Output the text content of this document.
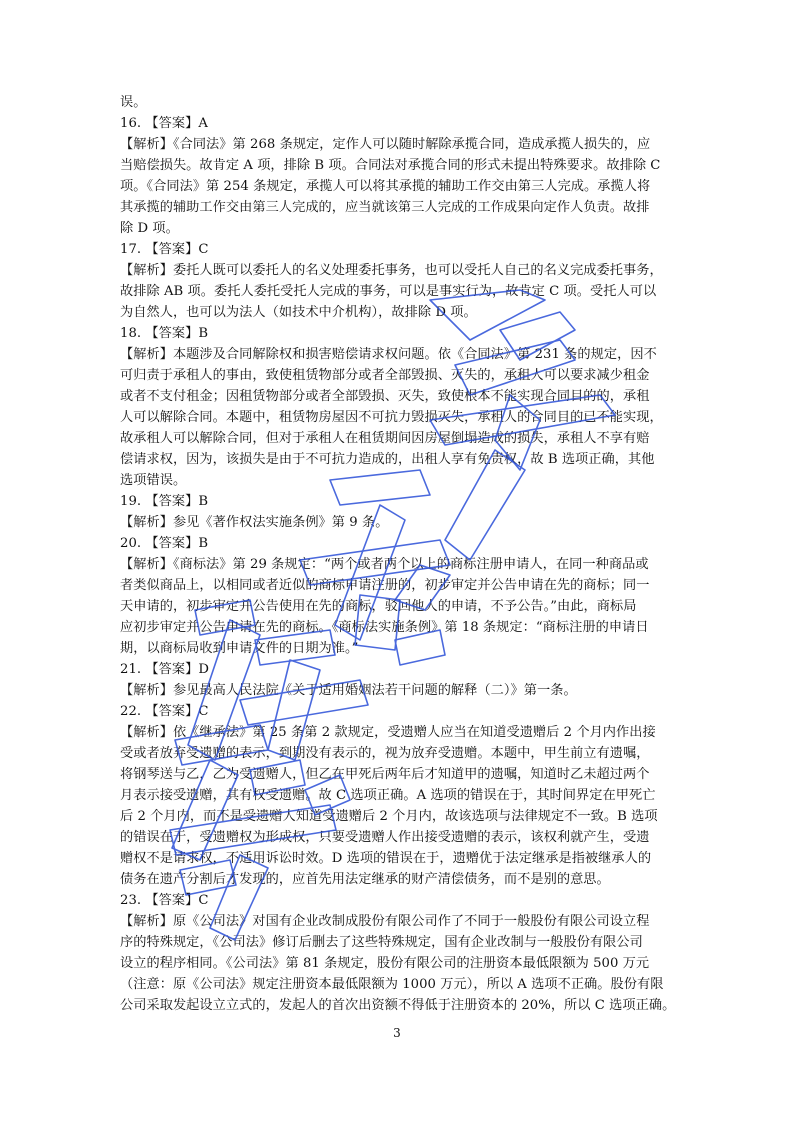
误。
16. 【答案】A
【解析】《合同法》第 268 条规定，定作人可以随时解除承揽合同，造成承揽人损失的，应
当赔偿损失。故肯定 A 项，排除 B 项。合同法对承揽合同的形式未提出特殊要求。故排除 C
项。《合同法》第 254 条规定，承揽人可以将其承揽的辅助工作交由第三人完成。承揽人将
其承揽的辅助工作交由第三人完成的，应当就该第三人完成的工作成果向定作人负责。故排
除 D 项。
17. 【答案】C
【解析】委托人既可以委托人的名义处理委托事务，也可以受托人自己的名义完成委托事务，
故排除 AB 项。委托人委托受托人完成的事务，可以是事实行为，故肯定 C 项。受托人可以
为自然人，也可以为法人（如技术中介机构），故排除 D 项。
18. 【答案】B
【解析】本题涉及合同解除权和损害赔偿请求权问题。依《合同法》第 231 条的规定，因不
可归责于承租人的事由，致使租赁物部分或者全部毁损、灭失的，承租人可以要求减少租金
或者不支付租金；因租赁物部分或者全部毁损、灭失，致使根本不能实现合同目的的，承租
人可以解除合同。本题中，租赁物房屋因不可抗力毁损灭失，承租人的合同目的已不能实现，
故承租人可以解除合同，但对于承租人在租赁期间因房屋倒塌造成的损失，承租人不享有赔
偿请求权，因为，该损失是由于不可抗力造成的，出租人享有免责权，故 B 选项正确，其他
选项错误。
19. 【答案】B
【解析】参见《著作权法实施条例》第 9 条。
20. 【答案】B
【解析】《商标法》第 29 条规定：“两个或者两个以上的商标注册申请人，在同一种商品或
者类似商品上，以相同或者近似的商标申请注册的，初步审定并公告申请在先的商标；同一
天申请的，初步审定并公告使用在先的商标，驳回他人的申请，不予公告。”由此，商标局
应初步审定并公告申请在先的商标。《商标法实施条例》第 18 条规定：“商标注册的申请日
期，以商标局收到申请文件的日期为准。”
21. 【答案】D
【解析】参见最高人民法院《关于适用婚姻法若干问题的解释（二）》第一条。
22. 【答案】C
【解析】依《继承法》第 25 条第 2 款规定，受遗赠人应当在知道受遗赠后 2 个月内作出接
受或者放弃受遗赠的表示，到期没有表示的，视为放弃受遗赠。本题中，甲生前立有遗嘱，
将钢琴送与乙，乙为受遗赠人，但乙在甲死后两年后才知道甲的遗嘱，知道时乙未超过两个
月表示接受遗赠，其有权受遗赠。故 C 选项正确。A 选项的错误在于，其时间界定在甲死亡
后 2 个月内，而不是受遗赠人知道受遗赠后 2 个月内，故该选项与法律规定不一致。B 选项
的错误在于，受遗赠权为形成权，只要受遗赠人作出接受遗赠的表示，该权利就产生，受遗
赠权不是请求权，不适用诉讼时效。D 选项的错误在于，遗赠优于法定继承是指被继承人的
债务在遗产分割后才发现的，应首先用法定继承的财产清偿债务，而不是别的意思。
23. 【答案】C
【解析】原《公司法》对国有企业改制成股份有限公司作了不同于一般股份有限公司设立程
序的特殊规定，《公司法》修订后删去了这些特殊规定，国有企业改制与一般股份有限公司
设立的程序相同。《公司法》第 81 条规定，股份有限公司的注册资本最低限额为 500 万元
（注意：原《公司法》规定注册资本最低限额为 1000 万元），所以 A 选项不正确。股份有限
公司采取发起设立立式的，发起人的首次出资额不得低于注册资本的 20%，所以 C 选项正确。
3
